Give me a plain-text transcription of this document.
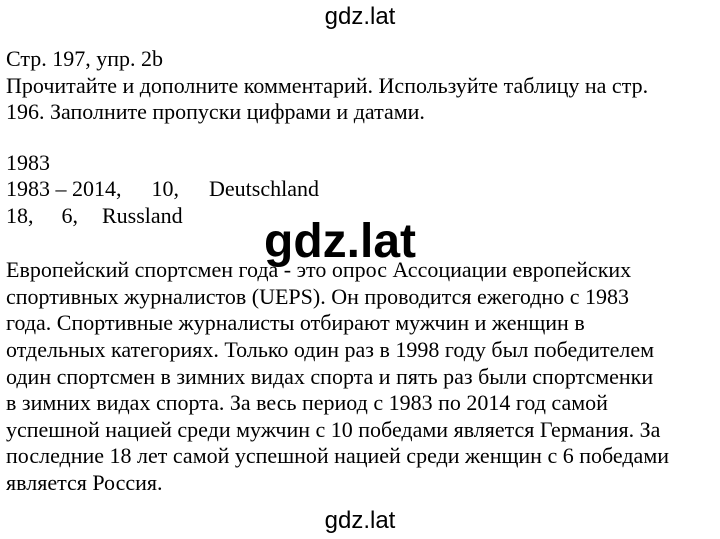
gdz.lat
Стр. 197, упр. 2b
Прочитайте и дополните комментарий. Используйте таблицу на стр.
196. Заполните пропуски цифрами и датами.
1983
1983 – 2014, 10, Deutschland
18, 6, Russland
Европейский спортсмен года - это опрос Ассоциации европейских
спортивных журналистов (UEPS). Он проводится ежегодно с 1983
года. Спортивные журналисты отбирают мужчин и женщин в
отдельных категориях. Только один раз в 1998 году был победителем
один спортсмен в зимних видах спорта и пять раз были спортсменки
в зимних видах спорта. За весь период с 1983 по 2014 год самой
успешной нацией среди мужчин с 10 победами является Германия. За
последние 18 лет самой успешной нацией среди женщин с 6 победами
является Россия.
gdz.lat
gdz.lat
